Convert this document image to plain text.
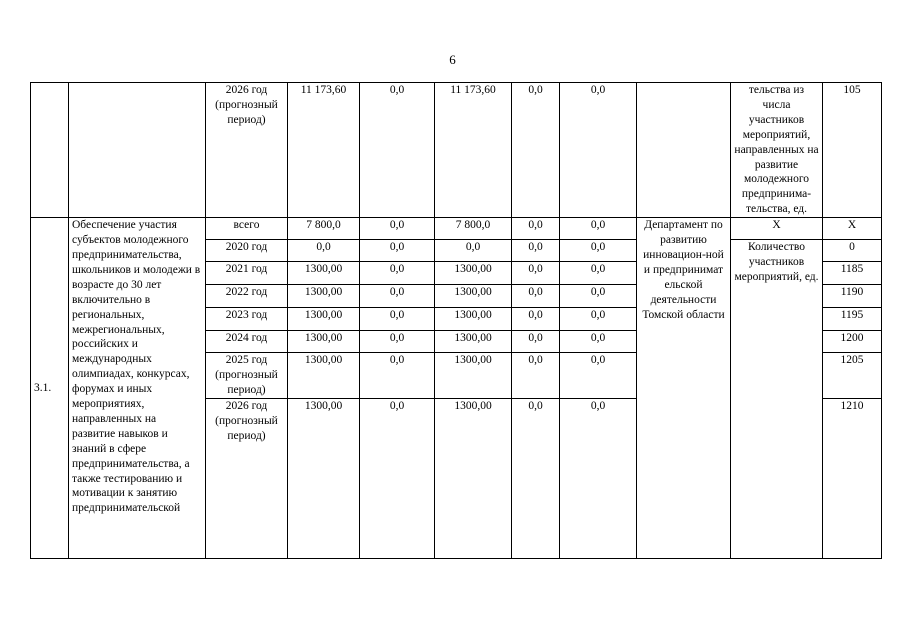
6
		2026 год (прогнозный период)	11 173,60	0,0	11 173,60	0,0	0,0		тельства из числа участников мероприятий, направленных на развитие молодежного предпринима-тельства, ед.	105
3.1.	Обеспечение участия субъектов молодежного предпринимательства, школьников и молодежи в возрасте до 30 лет включительно в региональных, межрегиональных, российских и международных олимпиадах, конкурсах, форумах и иных мероприятиях, направленных на развитие навыков и знаний в сфере предпринимательства, а также тестированию и мотивации к занятию предпринимательской	всего	7 800,0	0,0	7 800,0	0,0	0,0	Департамент по развитию инновацион-ной и предпринимат ельской деятельности Томской области	X	X
		2020 год	0,0	0,0	0,0	0,0	0,0		Количество участников мероприятий, ед.	0
		2021 год	1300,00	0,0	1300,00	0,0	0,0			1185
		2022 год	1300,00	0,0	1300,00	0,0	0,0			1190
		2023 год	1300,00	0,0	1300,00	0,0	0,0			1195
		2024 год	1300,00	0,0	1300,00	0,0	0,0			1200
		2025 год (прогнозный период)	1300,00	0,0	1300,00	0,0	0,0			1205
		2026 год (прогнозный период)	1300,00	0,0	1300,00	0,0	0,0			1210
